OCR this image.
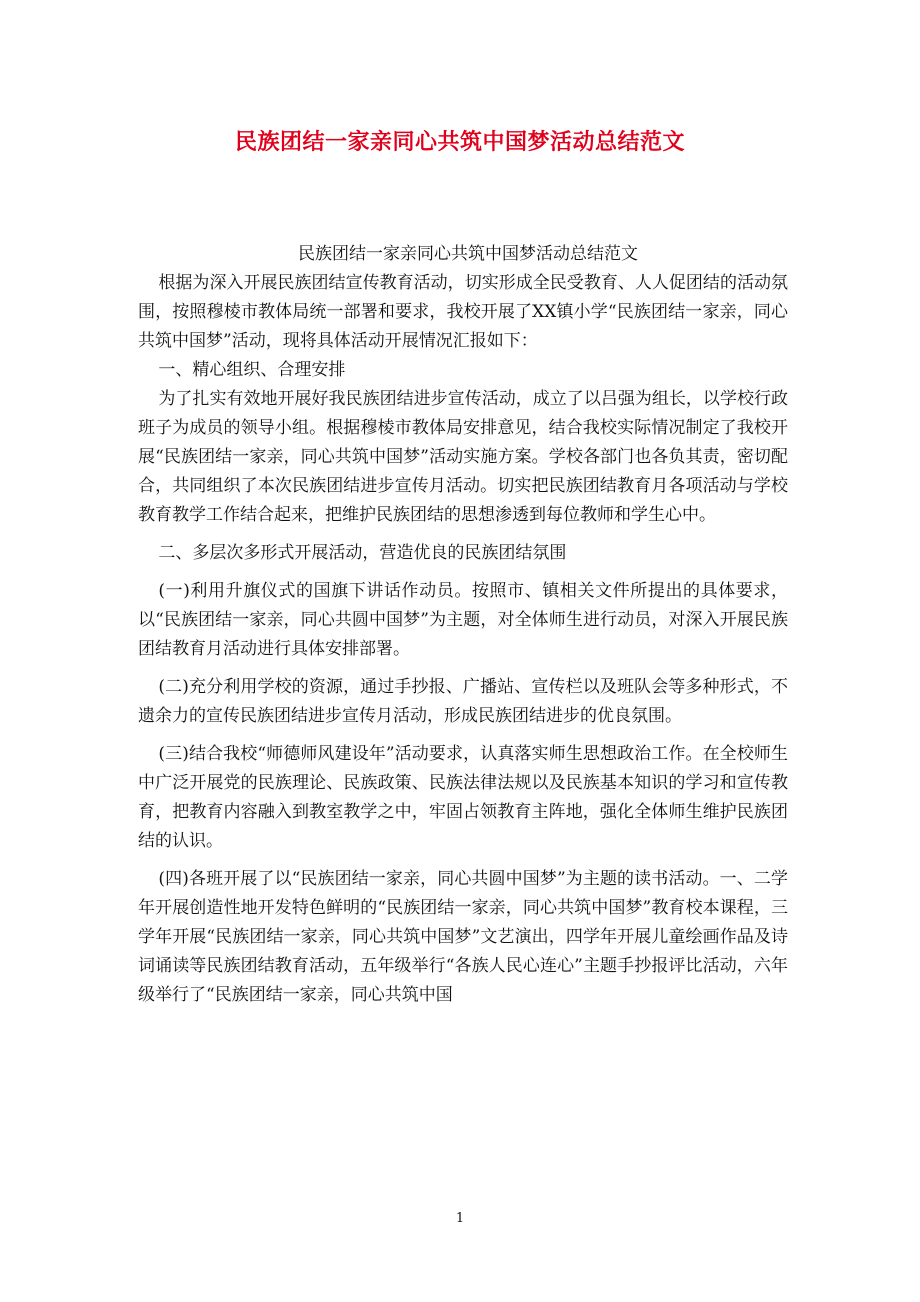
民族团结一家亲同心共筑中国梦活动总结范文

民族团结一家亲同心共筑中国梦活动总结范文

根据为深入开展民族团结宣传教育活动，切实形成全民受教育、人人促团结的活动氛围，按照穆棱市教体局统一部署和要求，我校开展了XX镇小学“民族团结一家亲，同心共筑中国梦”活动，现将具体活动开展情况汇报如下：

一、精心组织、合理安排

为了扎实有效地开展好我民族团结进步宣传活动，成立了以吕强为组长，以学校行政班子为成员的领导小组。根据穆棱市教体局安排意见，结合我校实际情况制定了我校开展“民族团结一家亲，同心共筑中国梦”活动实施方案。学校各部门也各负其责，密切配合，共同组织了本次民族团结进步宣传月活动。切实把民族团结教育月各项活动与学校教育教学工作结合起来，把维护民族团结的思想渗透到每位教师和学生心中。

二、多层次多形式开展活动，营造优良的民族团结氛围

(一)利用升旗仪式的国旗下讲话作动员。按照市、镇相关文件所提出的具体要求，以“民族团结一家亲，同心共圆中国梦”为主题，对全体师生进行动员，对深入开展民族团结教育月活动进行具体安排部署。

(二)充分利用学校的资源，通过手抄报、广播站、宣传栏以及班队会等多种形式，不遗余力的宣传民族团结进步宣传月活动，形成民族团结进步的优良氛围。

(三)结合我校“师德师风建设年”活动要求，认真落实师生思想政治工作。在全校师生中广泛开展党的民族理论、民族政策、民族法律法规以及民族基本知识的学习和宣传教育，把教育内容融入到教室教学之中，牢固占领教育主阵地，强化全体师生维护民族团结的认识。

(四)各班开展了以“民族团结一家亲，同心共圆中国梦”为主题的读书活动。一、二学年开展创造性地开发特色鲜明的“民族团结一家亲，同心共筑中国梦”教育校本课程，三学年开展“民族团结一家亲，同心共筑中国梦”文艺演出，四学年开展儿童绘画作品及诗词诵读等民族团结教育活动，五年级举行“各族人民心连心”主题手抄报评比活动，六年级举行了“民族团结一家亲，同心共筑中国

1
